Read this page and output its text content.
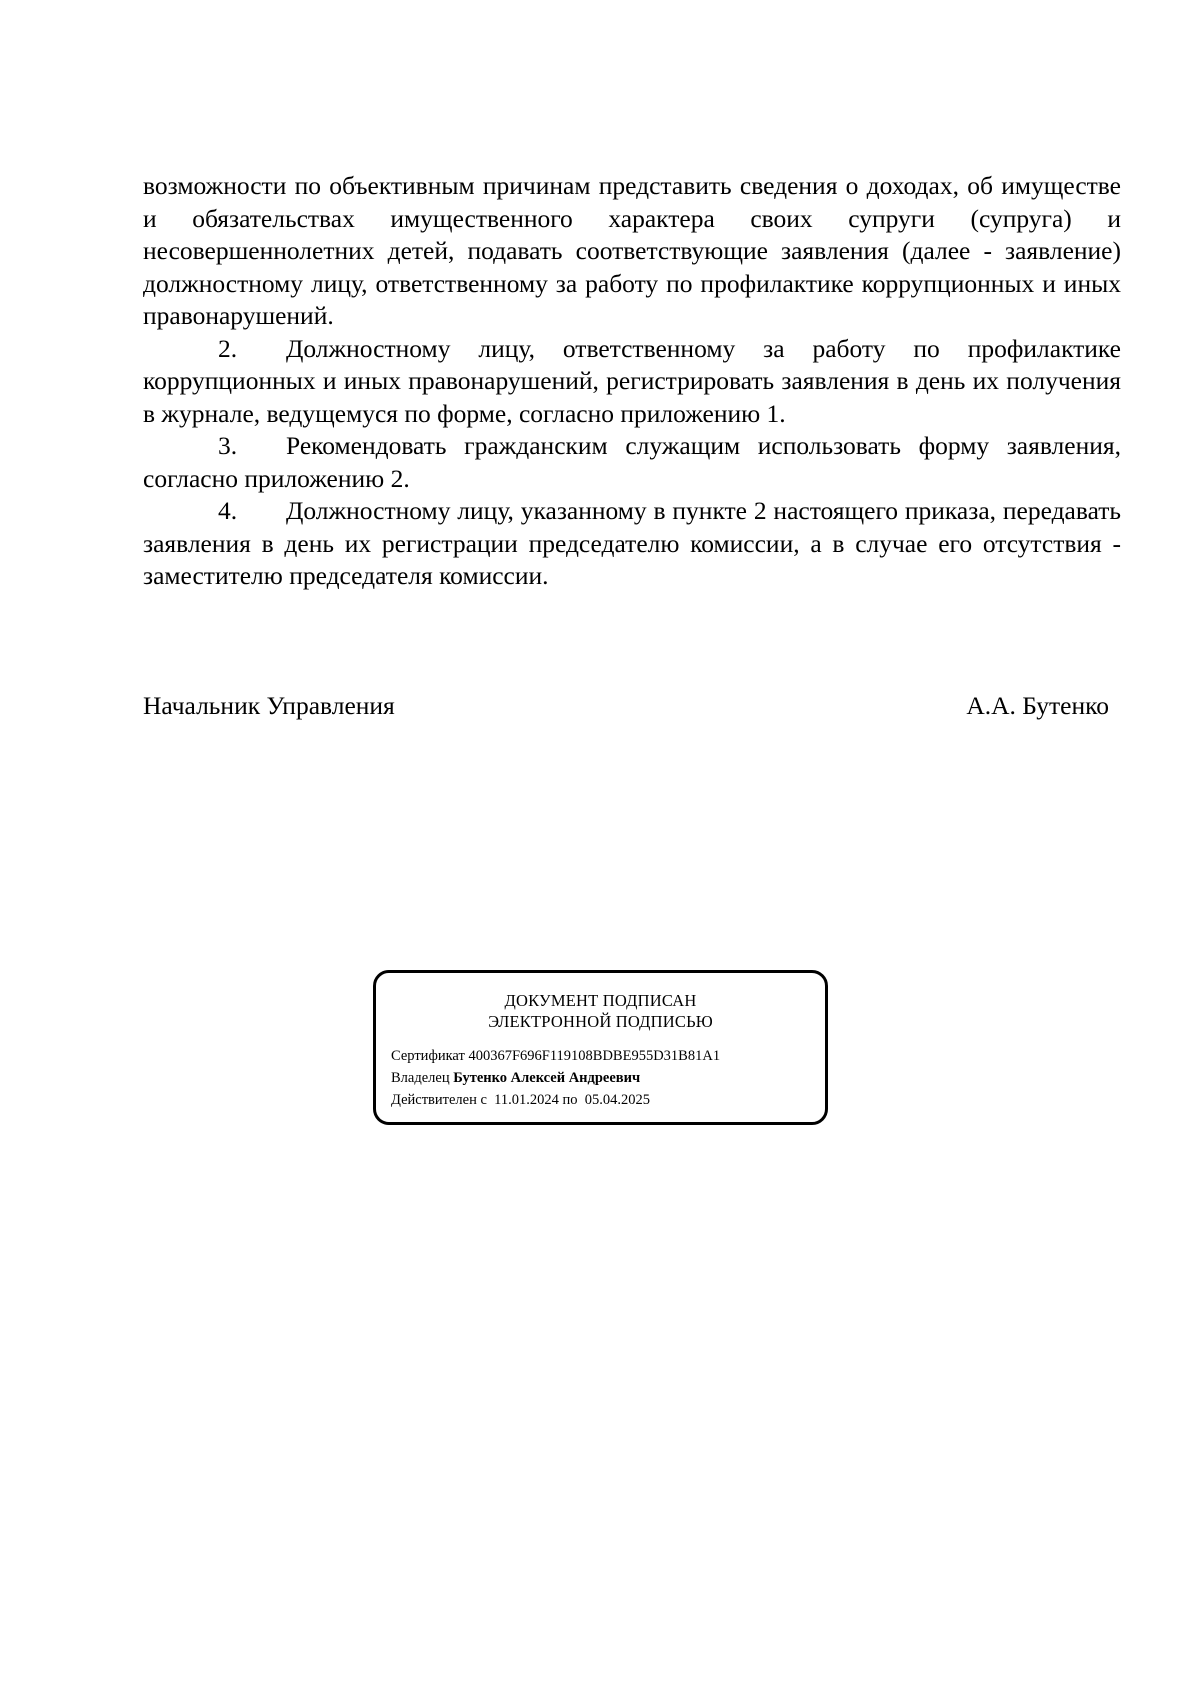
возможности по объективным причинам представить сведения о доходах, об имуществе и обязательствах имущественного характера своих супруги (супруга) и несовершеннолетних детей, подавать соответствующие заявления (далее - заявление) должностному лицу, ответственному за работу по профилактике коррупционных и иных правонарушений.

2. Должностному лицу, ответственному за работу по профилактике коррупционных и иных правонарушений, регистрировать заявления в день их получения в журнале, ведущемуся по форме, согласно приложению 1.

3. Рекомендовать гражданским служащим использовать форму заявления, согласно приложению 2.

4. Должностному лицу, указанному в пункте 2 настоящего приказа, передавать заявления в день их регистрации председателю комиссии, а в случае его отсутствия - заместителю председателя комиссии.

Начальник Управления	А.А. Бутенко
ДОКУМЕНТ ПОДПИСАН
ЭЛЕКТРОННОЙ ПОДПИСЬЮ
Сертификат 400367F696F119108BDBE955D31B81A1
Владелец Бутенко Алексей Андреевич
Действителен с 11.01.2024 по 05.04.2025
